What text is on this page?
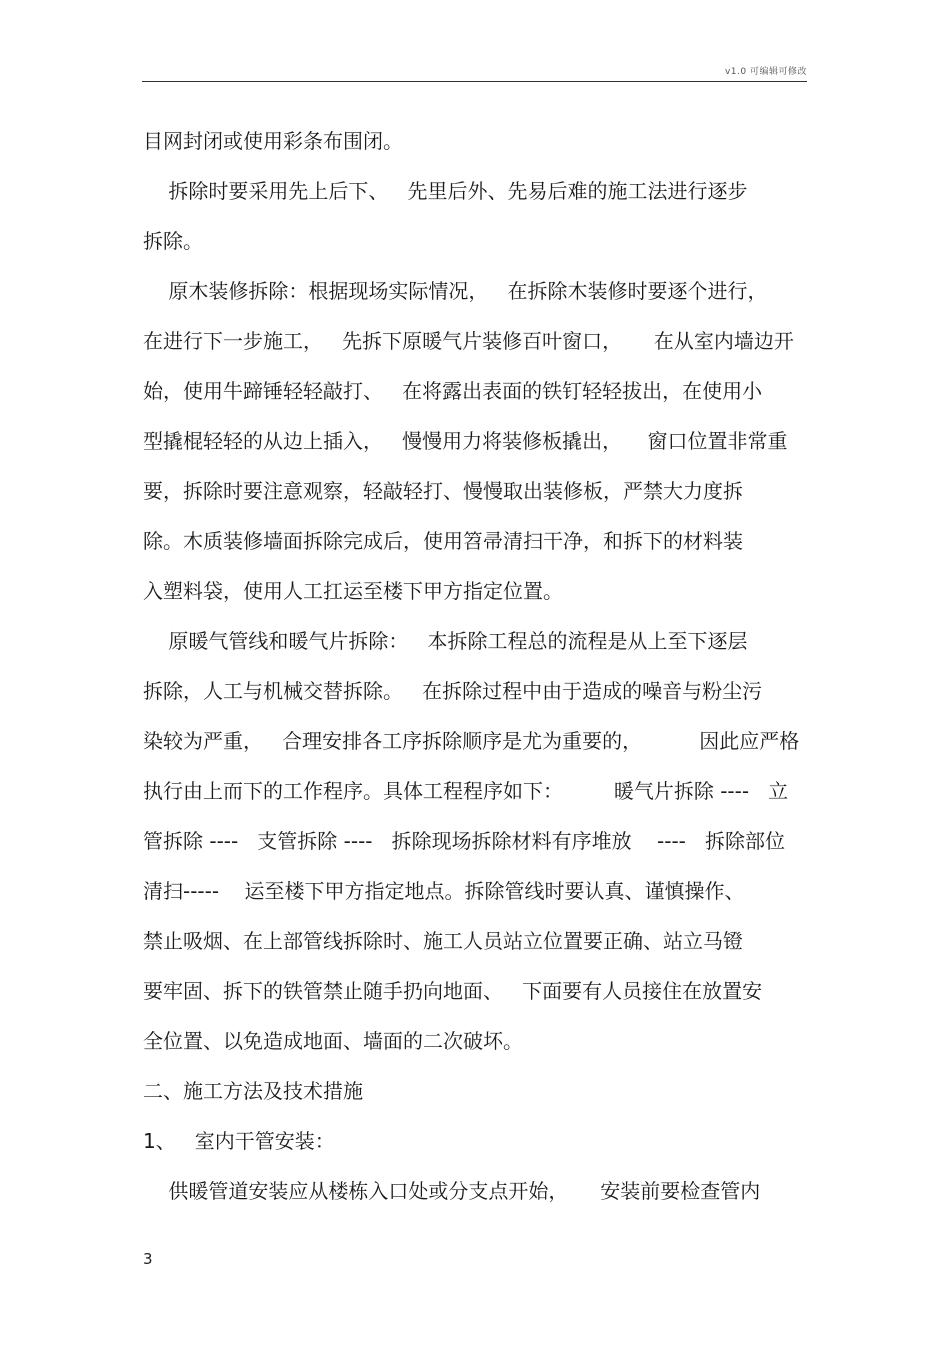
v1.0 可编辑可修改

目网封闭或使用彩条布围闭。

拆除时要采用先上后下、   先里后外、先易后难的施工法进行逐步

拆除。

原木装修拆除：根据现场实际情况，   在拆除木装修时要逐个进行，

在进行下一步施工，   先拆下原暖气片装修百叶窗口，     在从室内墙边开

始，使用牛蹄锤轻轻敲打、   在将露出表面的铁钉轻轻拔出，在使用小

型撬棍轻轻的从边上插入，   慢慢用力将装修板撬出，    窗口位置非常重

要，拆除时要注意观察，轻敲轻打、慢慢取出装修板，严禁大力度拆

除。木质装修墙面拆除完成后，使用笤帚清扫干净，和拆下的材料装

入塑料袋，使用人工扛运至楼下甲方指定位置。

原暖气管线和暖气片拆除：   本拆除工程总的流程是从上至下逐层

拆除，人工与机械交替拆除。   在拆除过程中由于造成的噪音与粉尘污

染较为严重，   合理安排各工序拆除顺序是尤为重要的，         因此应严格

执行由上而下的工作程序。具体工程程序如下：        暖气片拆除 ----   立

管拆除 ----   支管拆除 ----   拆除现场拆除材料有序堆放    ----   拆除部位

清扫-----    运至楼下甲方指定地点。拆除管线时要认真、谨慎操作、

禁止吸烟、在上部管线拆除时、施工人员站立位置要正确、站立马镫

要牢固、拆下的铁管禁止随手扔向地面、   下面要有人员接住在放置安

全位置、以免造成地面、墙面的二次破坏。

二、施工方法及技术措施

1、   室内干管安装：

供暖管道安装应从楼栋入口处或分支点开始，     安装前要检查管内

3
